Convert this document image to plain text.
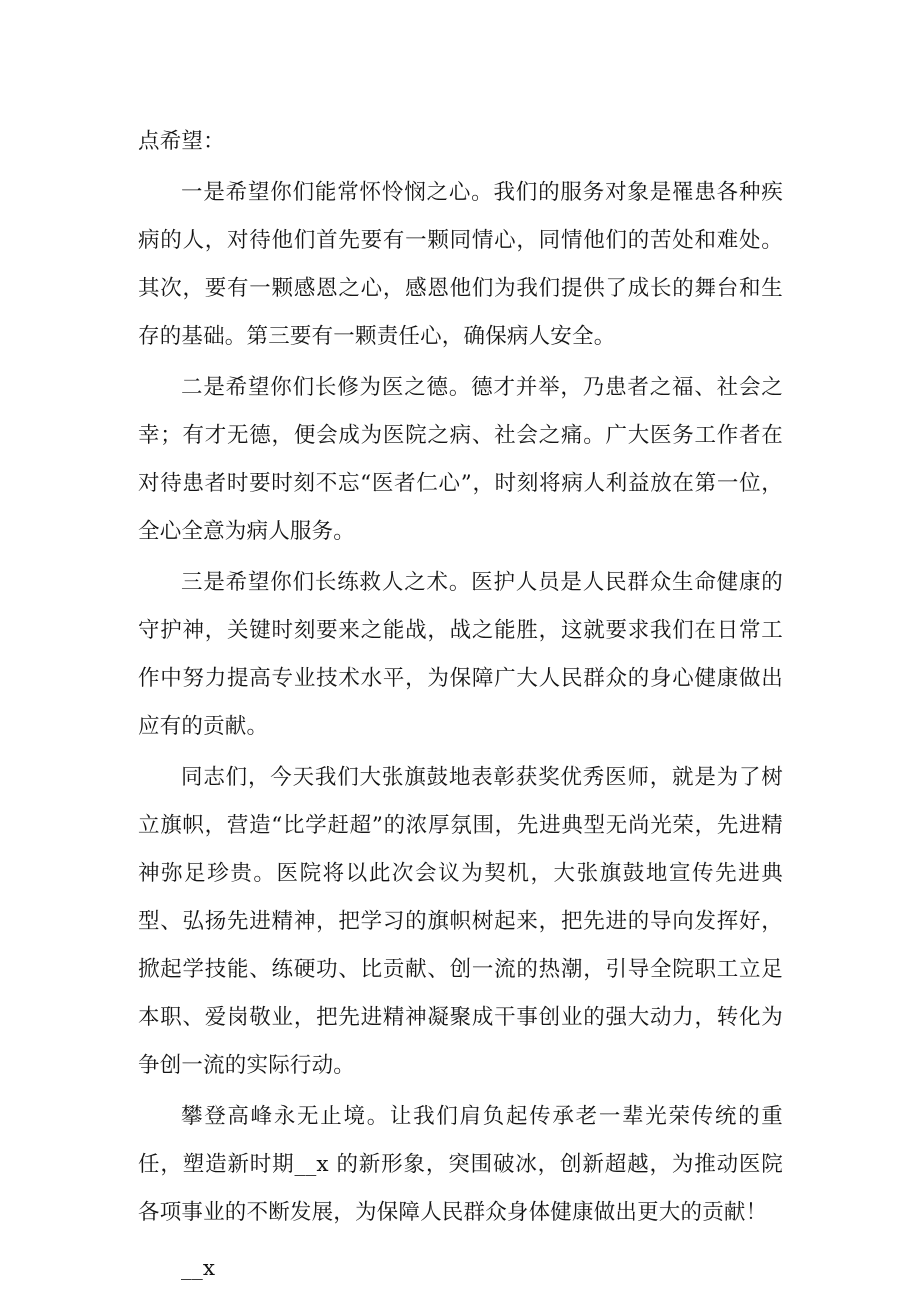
点希望：

一是希望你们能常怀怜悯之心。我们的服务对象是罹患各种疾病的人，对待他们首先要有一颗同情心，同情他们的苦处和难处。其次，要有一颗感恩之心，感恩他们为我们提供了成长的舞台和生存的基础。第三要有一颗责任心，确保病人安全。

二是希望你们长修为医之德。德才并举，乃患者之福、社会之幸；有才无德，便会成为医院之病、社会之痛。广大医务工作者在对待患者时要时刻不忘“医者仁心”，时刻将病人利益放在第一位，全心全意为病人服务。

三是希望你们长练救人之术。医护人员是人民群众生命健康的守护神，关键时刻要来之能战，战之能胜，这就要求我们在日常工作中努力提高专业技术水平，为保障广大人民群众的身心健康做出应有的贡献。

同志们，今天我们大张旗鼓地表彰获奖优秀医师，就是为了树立旗帜，营造“比学赶超”的浓厚氛围，先进典型无尚光荣，先进精神弥足珍贵。医院将以此次会议为契机，大张旗鼓地宣传先进典型、弘扬先进精神，把学习的旗帜树起来，把先进的导向发挥好，掀起学技能、练硬功、比贡献、创一流的热潮，引导全院职工立足本职、爱岗敬业，把先进精神凝聚成干事创业的强大动力，转化为争创一流的实际行动。

攀登高峰永无止境。让我们肩负起传承老一辈光荣传统的重任，塑造新时期__x 的新形象，突围破冰，创新超越，为推动医院各项事业的不断发展，为保障人民群众身体健康做出更大的贡献！

__x
